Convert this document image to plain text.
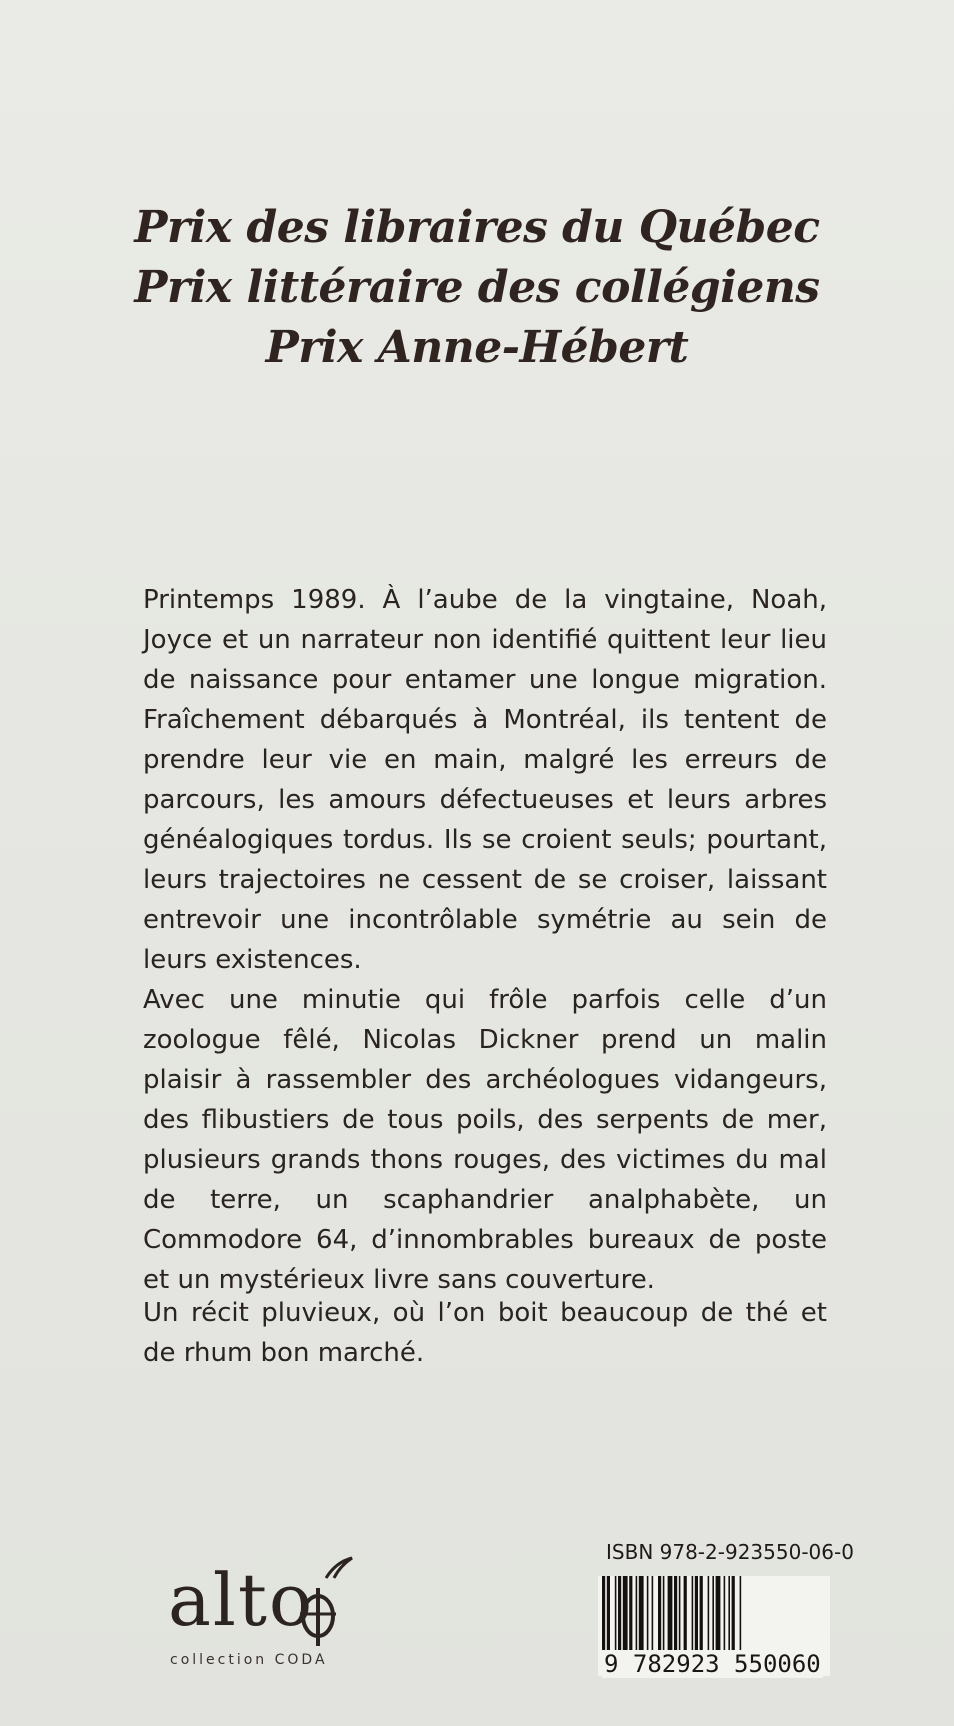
Prix des libraires du Québec
Prix littéraire des collégiens
Prix Anne-Hébert

Printemps 1989. À l’aube de la vingtaine, Noah, Joyce et un narrateur non identifié quittent leur lieu de naissance pour entamer une longue migration. Fraîchement débarqués à Montréal, ils tentent de prendre leur vie en main, malgré les erreurs de parcours, les amours défectueuses et leurs arbres généalogiques tordus. Ils se croient seuls; pourtant, leurs trajectoires ne cessent de se croiser, laissant entrevoir une incontrôlable symétrie au sein de leurs existences.

Avec une minutie qui frôle parfois celle d’un zoologue fêlé, Nicolas Dickner prend un malin plaisir à rassembler des archéologues vidangeurs, des flibustiers de tous poils, des serpents de mer, plusieurs grands thons rouges, des victimes du mal de terre, un scaphandrier analphabète, un Commodore 64, d’innombrables bureaux de poste et un mystérieux livre sans couverture.

Un récit pluvieux, où l’on boit beaucoup de thé et de rhum bon marché.

alto
collection CODA
ISBN 978-2-923550-06-0
9 782923 550060
